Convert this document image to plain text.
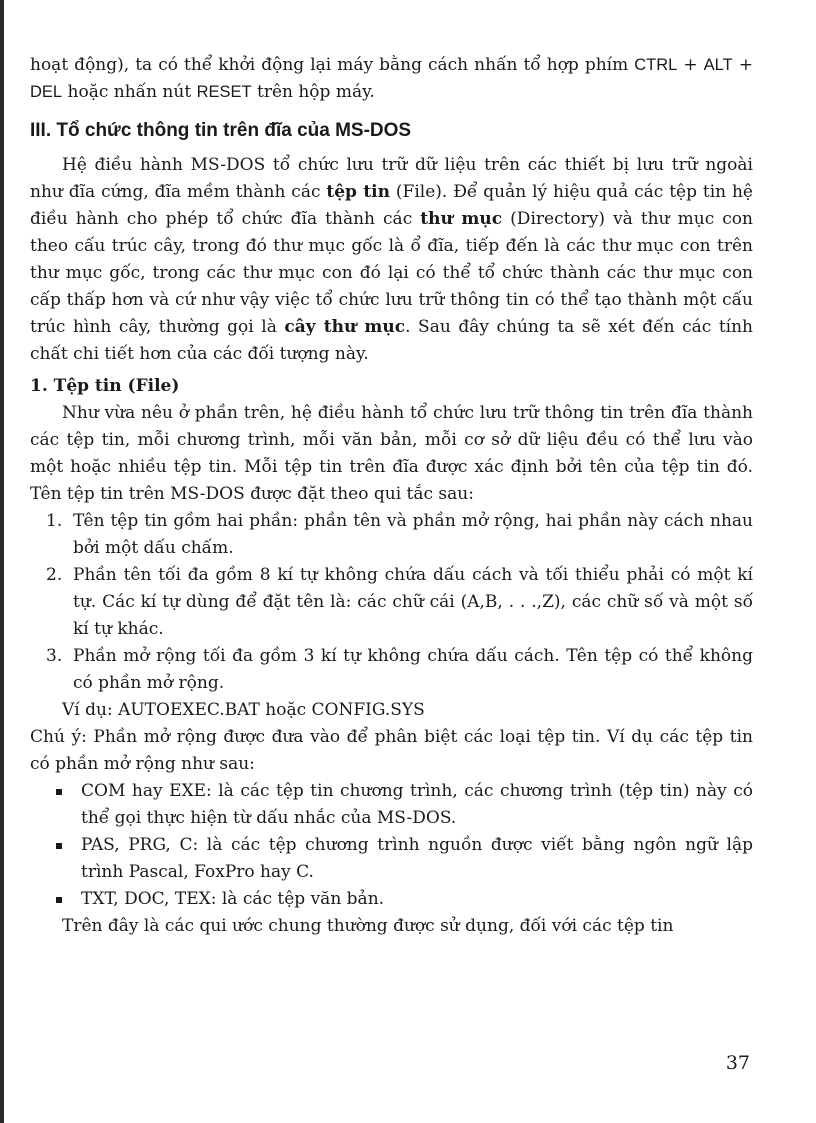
hoạt động), ta có thể khởi động lại máy bằng cách nhấn tổ hợp phím CTRL + ALT + DEL hoặc nhấn nút RESET trên hộp máy.

III. Tổ chức thông tin trên đĩa của MS-DOS

Hệ điều hành MS-DOS tổ chức lưu trữ dữ liệu trên các thiết bị lưu trữ ngoài như đĩa cứng, đĩa mềm thành các tệp tin (File). Để quản lý hiệu quả các tệp tin hệ điều hành cho phép tổ chức đĩa thành các thư mục (Directory) và thư mục con theo cấu trúc cây, trong đó thư mục gốc là ổ đĩa, tiếp đến là các thư mục con trên thư mục gốc, trong các thư mục con đó lại có thể tổ chức thành các thư mục con cấp thấp hơn và cứ như vậy việc tổ chức lưu trữ thông tin có thể tạo thành một cấu trúc hình cây, thường gọi là cây thư mục. Sau đây chúng ta sẽ xét đến các tính chất chi tiết hơn của các đối tượng này.

1. Tệp tin (File)

Như vừa nêu ở phần trên, hệ điều hành tổ chức lưu trữ thông tin trên đĩa thành các tệp tin, mỗi chương trình, mỗi văn bản, mỗi cơ sở dữ liệu đều có thể lưu vào một hoặc nhiều tệp tin. Mỗi tệp tin trên đĩa được xác định bởi tên của tệp tin đó. Tên tệp tin trên MS-DOS được đặt theo qui tắc sau:

1. Tên tệp tin gồm hai phần: phần tên và phần mở rộng, hai phần này cách nhau bởi một dấu chấm.
2. Phần tên tối đa gồm 8 kí tự không chứa dấu cách và tối thiểu phải có một kí tự. Các kí tự dùng để đặt tên là: các chữ cái (A,B, . . .,Z), các chữ số và một số kí tự khác.
3. Phần mở rộng tối đa gồm 3 kí tự không chứa dấu cách. Tên tệp có thể không có phần mở rộng.

Ví dụ: AUTOEXEC.BAT hoặc CONFIG.SYS

Chú ý: Phần mở rộng được đưa vào để phân biệt các loại tệp tin. Ví dụ các tệp tin có phần mở rộng như sau:

COM hay EXE: là các tệp tin chương trình, các chương trình (tệp tin) này có thể gọi thực hiện từ dấu nhắc của MS-DOS.
PAS, PRG, C: là các tệp chương trình nguồn được viết bằng ngôn ngữ lập trình Pascal, FoxPro hay C.
TXT, DOC, TEX: là các tệp văn bản.

Trên đây là các qui ước chung thường được sử dụng, đối với các tệp tin

37
